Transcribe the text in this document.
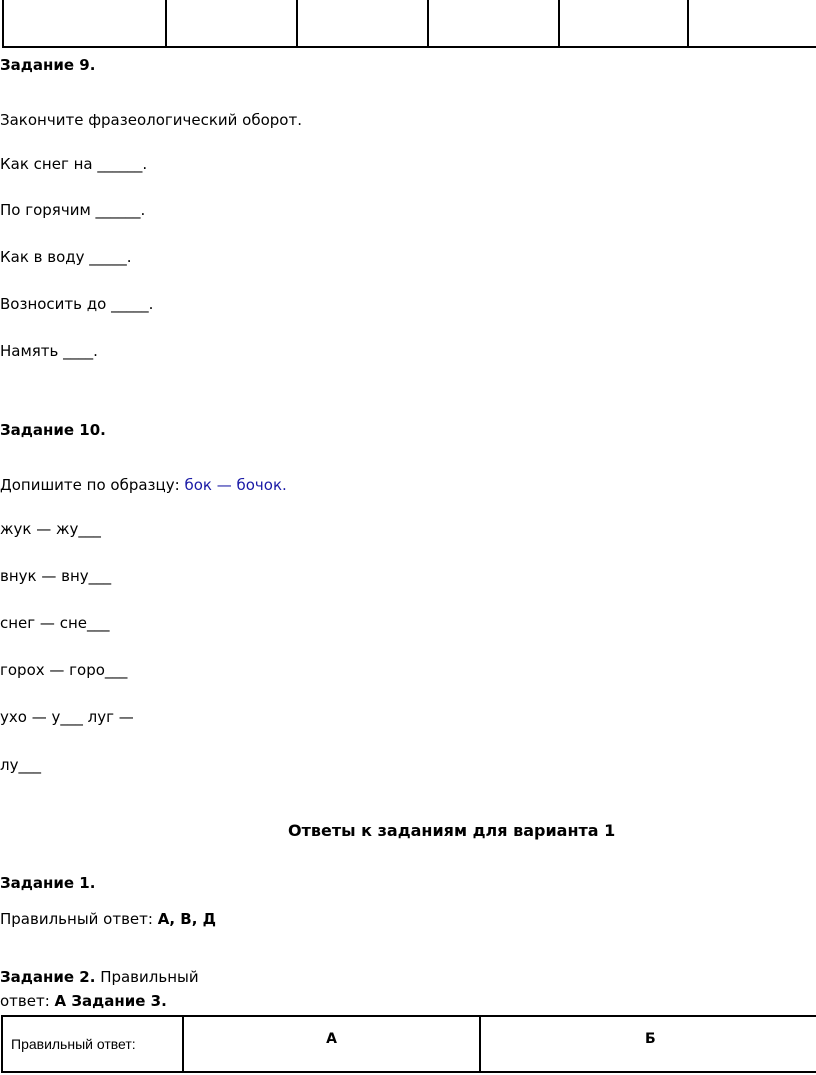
Задание 9.
Закончите фразеологический оборот.
Как снег на ______.
По горячим ______.
Как в воду _____.
Возносить до _____.
Намять ____.
Задание 10.
Допишите по образцу: бок — бочок.
жук — жу___
внук — вну___
снег — сне___
горох — горо___
ухо — у___ луг —
лу___
Ответы к заданиям для варианта 1
Задание 1.
Правильный ответ: А, В, Д
Задание 2. Правильный
ответ: А Задание 3.
Правильный ответ:	А	Б
